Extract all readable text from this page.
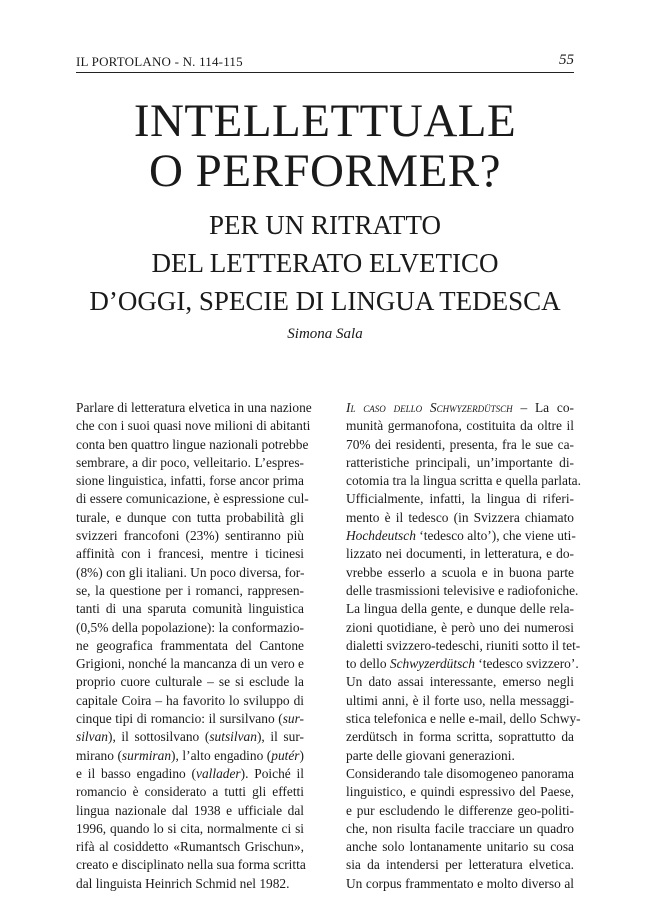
IL PORTOLANO - N. 114-115	55
INTELLETTUALE
O PERFORMER?
PER UN RITRATTO
DEL LETTERATO ELVETICO
D’OGGI, SPECIE DI LINGUA TEDESCA
Simona Sala
Parlare di letteratura elvetica in una nazione
che con i suoi quasi nove milioni di abitanti
conta ben quattro lingue nazionali potrebbe
sembrare, a dir poco, velleitario. L’espres-
sione linguistica, infatti, forse ancor prima
di essere comunicazione, è espressione cul-
turale, e dunque con tutta probabilità gli
svizzeri francofoni (23%) sentiranno più
affinità con i francesi, mentre i ticinesi
(8%) con gli italiani. Un poco diversa, for-
se, la questione per i romanci, rappresen-
tanti di una sparuta comunità linguistica
(0,5% della popolazione): la conformazio-
ne geografica frammentata del Cantone
Grigioni, nonché la mancanza di un vero e
proprio cuore culturale – se si esclude la
capitale Coira – ha favorito lo sviluppo di
cinque tipi di romancio: il sursilvano (sur-
silvan), il sottosilvano (sutsilvan), il sur-
mirano (surmiran), l’alto engadino (putér)
e il basso engadino (vallader). Poiché il
romancio è considerato a tutti gli effetti
lingua nazionale dal 1938 e ufficiale dal
1996, quando lo si cita, normalmente ci si
rifà al cosiddetto «Rumantsch Grischun»,
creato e disciplinato nella sua forma scritta
dal linguista Heinrich Schmid nel 1982.
Il caso dello Schwyzerdütsch – La co-
munità germanofona, costituita da oltre il
70% dei residenti, presenta, fra le sue ca-
ratteristiche principali, un’importante di-
cotomia tra la lingua scritta e quella parlata.
Ufficialmente, infatti, la lingua di riferi-
mento è il tedesco (in Svizzera chiamato
Hochdeutsch ‘tedesco alto’), che viene uti-
lizzato nei documenti, in letteratura, e do-
vrebbe esserlo a scuola e in buona parte
delle trasmissioni televisive e radiofoniche.
La lingua della gente, e dunque delle rela-
zioni quotidiane, è però uno dei numerosi
dialetti svizzero-tedeschi, riuniti sotto il tet-
to dello Schwyzerdütsch ‘tedesco svizzero’.
Un dato assai interessante, emerso negli
ultimi anni, è il forte uso, nella messaggi-
stica telefonica e nelle e-mail, dello Schwy-
zerdütsch in forma scritta, soprattutto da
parte delle giovani generazioni.
Considerando tale disomogeneo panorama
linguistico, e quindi espressivo del Paese,
e pur escludendo le differenze geo-politi-
che, non risulta facile tracciare un quadro
anche solo lontanamente unitario su cosa
sia da intendersi per letteratura elvetica.
Un corpus frammentato e molto diverso al
